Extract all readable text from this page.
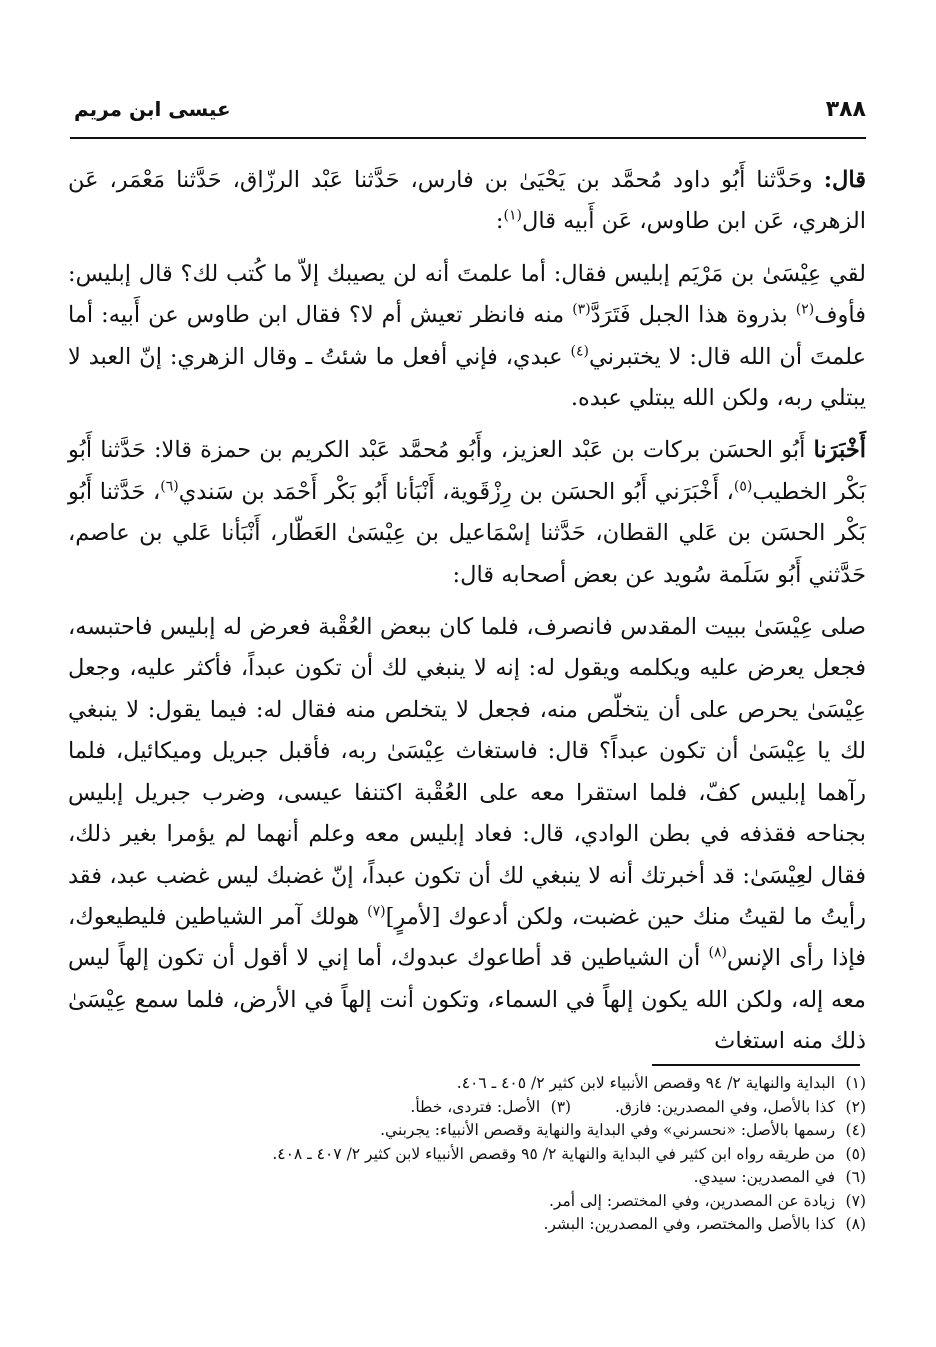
٣٨٨
عيسى ابن مريم

قال: وحَدَّثنا أَبُو داود مُحمَّد بن يَحْيَىٰ بن فارس، حَدَّثنا عَبْد الرزّاق، حَدَّثنا مَعْمَر، عَن الزهري، عَن ابن طاوس، عَن أَبيه قال$^{(١)}$:

لقي عِيْسَىٰ بن مَرْيَم إبليس فقال: أما علمتَ أنه لن يصيبك إلاّ ما كُتب لك؟ قال إبليس: فأوف$^{(٢)}$ بذروة هذا الجبل فَتَرَدَّ$^{(٣)}$ منه فانظر تعيش أم لا؟ فقال ابن طاوس عن أَبيه: أما علمتَ أن الله قال: لا يختبرني$^{(٤)}$ عبدي، فإني أفعل ما شئتُ ـ وقال الزهري: إنّ العبد لا يبتلي ربه، ولكن الله يبتلي عبده.

أَخْبَرَنا أَبُو الحسَن بركات بن عَبْد العزيز، وأَبُو مُحمَّد عَبْد الكريم بن حمزة قالا: حَدَّثنا أَبُو بَكْر الخطيب$^{(٥)}$، أَخْبَرَني أَبُو الحسَن بن رِزْقَوية، أَنْبَأنا أَبُو بَكْر أَحْمَد بن سَندي$^{(٦)}$، حَدَّثنا أَبُو بَكْر الحسَن بن عَلي القطان، حَدَّثنا إسْمَاعيل بن عِيْسَىٰ العَطّار، أَنْبَأنا عَلي بن عاصم، حَدَّثني أَبُو سَلَمة سُويد عن بعض أصحابه قال:

صلى عِيْسَىٰ ببيت المقدس فانصرف، فلما كان ببعض العُقْبة فعرض له إبليس فاحتبسه، فجعل يعرض عليه ويكلمه ويقول له: إنه لا ينبغي لك أن تكون عبداً، فأكثر عليه، وجعل عِيْسَىٰ يحرص على أن يتخلّص منه، فجعل لا يتخلص منه فقال له: فيما يقول: لا ينبغي لك يا عِيْسَىٰ أن تكون عبداً؟ قال: فاستغاث عِيْسَىٰ ربه، فأقبل جبريل وميكائيل، فلما رآهما إبليس كفّ، فلما استقرا معه على العُقْبة اكتنفا عيسى، وضرب جبريل إبليس بجناحه فقذفه في بطن الوادي، قال: فعاد إبليس معه وعلم أنهما لم يؤمرا بغير ذلك، فقال لعِيْسَىٰ: قد أخبرتك أنه لا ينبغي لك أن تكون عبداً، إنّ غضبك ليس غضب عبد، فقد رأيتُ ما لقيتُ منك حين غضبت، ولكن أدعوك [لأمرٍ]$^{(٧)}$ هولك آمر الشياطين فليطيعوك، فإذا رأى الإنس$^{(٨)}$ أن الشياطين قد أطاعوك عبدوك، أما إني لا أقول أن تكون إلهاً ليس معه إله، ولكن الله يكون إلهاً في السماء، وتكون أنت إلهاً في الأرض، فلما سمع عِيْسَىٰ ذلك منه استغاث

(١) البداية والنهاية ٢/ ٩٤ وقصص الأنبياء لابن كثير ٢/ ٤٠٥ ـ ٤٠٦.
(٢) كذا بالأصل، وفي المصدرين: فازق.  (٣) الأصل: فتردى، خطأ.
(٤) رسمها بالأصل: «نحسرني» وفي البداية والنهاية وقصص الأنبياء: يجربني.
(٥) من طريقه رواه ابن كثير في البداية والنهاية ٢/ ٩٥ وقصص الأنبياء لابن كثير ٢/ ٤٠٧ ـ ٤٠٨.
(٦) في المصدرين: سيدي.
(٧) زيادة عن المصدرين، وفي المختصر: إلى أمر.
(٨) كذا بالأصل والمختصر، وفي المصدرين: البشر.
